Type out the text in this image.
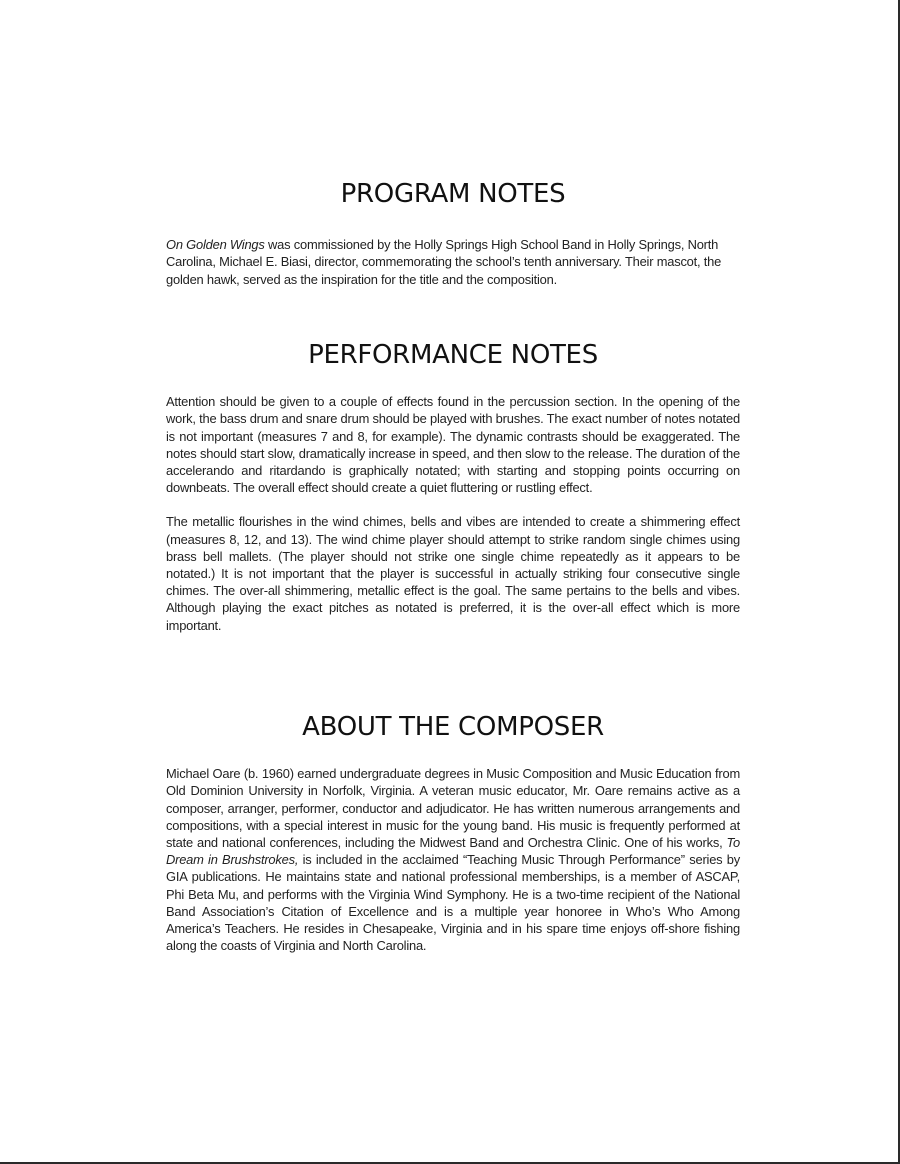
PROGRAM NOTES

On Golden Wings was commissioned by the Holly Springs High School Band in Holly Springs, North Carolina, Michael E. Biasi, director, commemorating the school’s tenth anniversary. Their mascot, the golden hawk, served as the inspiration for the title and the composition.

PERFORMANCE NOTES

Attention should be given to a couple of effects found in the percussion section. In the opening of the work, the bass drum and snare drum should be played with brushes. The exact number of notes notated is not important (measures 7 and 8, for example). The dynamic contrasts should be exaggerated. The notes should start slow, dramatically increase in speed, and then slow to the release. The duration of the accelerando and ritardando is graphically notated; with starting and stopping points occurring on downbeats. The overall effect should create a quiet fluttering or rustling effect.

The metallic flourishes in the wind chimes, bells and vibes are intended to create a shimmering effect (measures 8, 12, and 13). The wind chime player should attempt to strike random single chimes using brass bell mallets. (The player should not strike one single chime repeatedly as it appears to be notated.) It is not important that the player is successful in actually striking four consecutive single chimes. The over-all shimmering, metallic effect is the goal. The same pertains to the bells and vibes. Although playing the exact pitches as notated is preferred, it is the over-all effect which is more important.

ABOUT THE COMPOSER

Michael Oare (b. 1960) earned undergraduate degrees in Music Composition and Music Education from Old Dominion University in Norfolk, Virginia. A veteran music educator, Mr. Oare remains active as a composer, arranger, performer, conductor and adjudicator. He has written numerous arrangements and compositions, with a special interest in music for the young band. His music is frequently performed at state and national conferences, including the Midwest Band and Orchestra Clinic. One of his works, To Dream in Brushstrokes, is included in the acclaimed “Teaching Music Through Performance” series by GIA publications. He maintains state and national professional memberships, is a member of ASCAP, Phi Beta Mu, and performs with the Virginia Wind Symphony. He is a two-time recipient of the National Band Association’s Citation of Excellence and is a multiple year honoree in Who’s Who Among America’s Teachers. He resides in Chesapeake, Virginia and in his spare time enjoys off-shore fishing along the coasts of Virginia and North Carolina.
